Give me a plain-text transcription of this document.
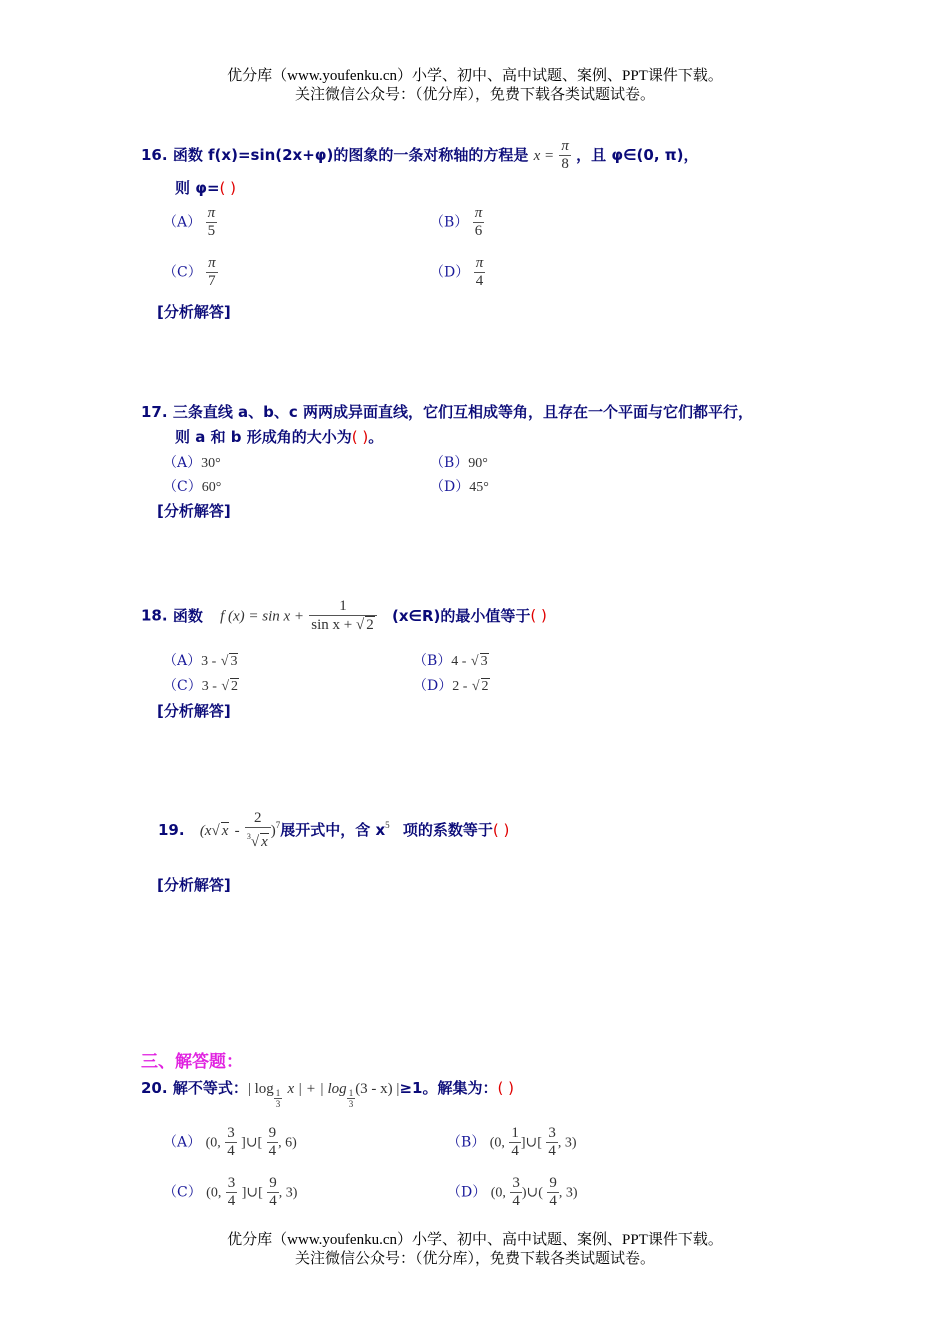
优分库（www.youfenku.cn）小学、初中、高中试题、案例、PPT课件下载。
关注微信公众号：（优分库），免费下载各类试题试卷。
16. 函数 f(x)=sin(2x+φ)的图象的一条对称轴的方程是 $x = \frac{\pi}{8}$ ，且 φ∈(0, π)，
则 φ=( )
$(A) \frac{\pi}{5}$	$(B) \frac{\pi}{6}$
$(C) \frac{\pi}{7}$	$(D) \frac{\pi}{4}$
[分析解答]
17. 三条直线 a、b、c 两两成异面直线，它们互相成等角，且存在一个平面与它们都平行，
则 a 和 b 形成角的大小为( )。
（A）30°	（B）90°
（C）60°	（D）45°
[分析解答]
18. 函数 f $(x) = \sin x + \frac{1}{\text{sin x + √ 2}}$ (x∈R)的最小值等于( )
（A）3 - √ 3	（B）4 - √ 3
（C）3 - √ 2	（D）2 - √ 2
[分析解答]
19. (x√ x - $\frac{2}{^3√ x} )^7$展开式中，含 $x^5$ 项的系数等于( )
[分析解答]
三、解答题：
20. 解不等式：| $\log \frac{1}{3}$ x | + | $\log \frac{1}{3} (3 - x)$ |≥1。解集为：( )
（A） (0, $\frac{3}{4}$ ]∪[ $\frac{9}{4}$ , 6)	（B） (0, $\frac{1}{4}$ ]∪[ $\frac{3}{4}$ , 3)
（C） (0, $\frac{3}{4}$ ]∪[ $\frac{9}{4}$ , 3)	（D） (0, $\frac{3}{4}$ )∪( $\frac{9}{4}$ , 3)
优分库（www.youfenku.cn）小学、初中、高中试题、案例、PPT课件下载。
关注微信公众号：（优分库），免费下载各类试题试卷。
